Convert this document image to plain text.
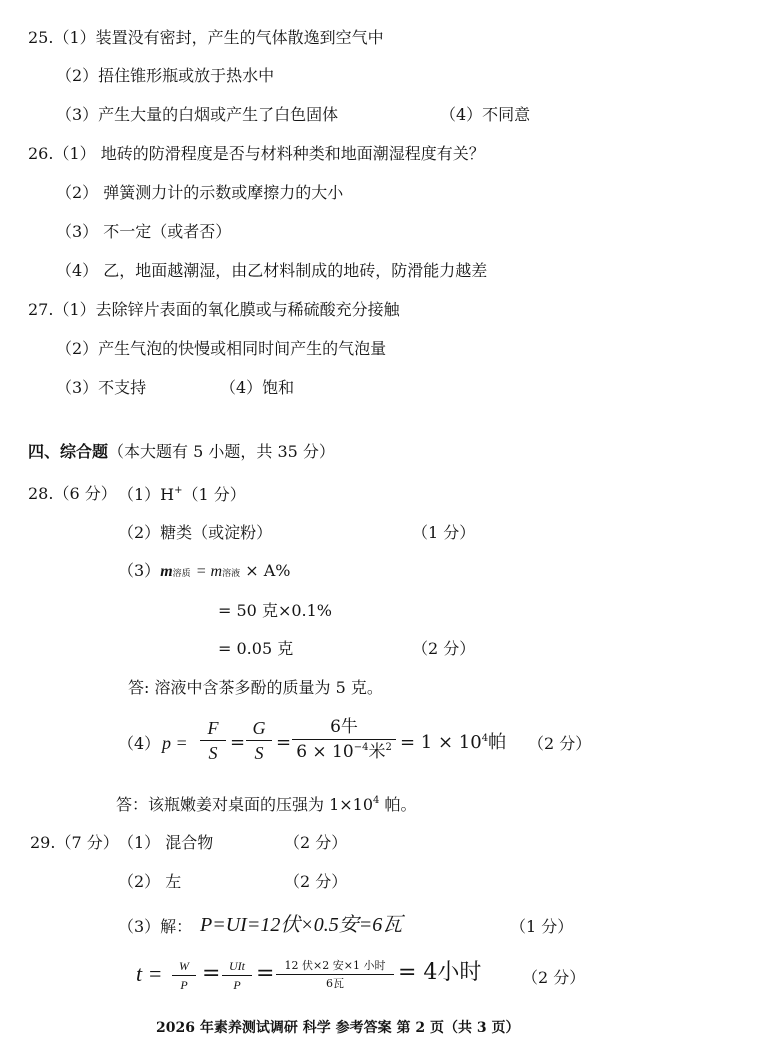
25.（1）装置没有密封，产生的气体散逸到空气中
（2）捂住锥形瓶或放于热水中
（3）产生大量的白烟或产生了白色固体	（4）不同意
26.（1） 地砖的防滑程度是否与材料种类和地面潮湿程度有关？
（2） 弹簧测力计的示数或摩擦力的大小
（3） 不一定（或者否）
（4） 乙，地面越潮湿，由乙材料制成的地砖，防滑能力越差
27.（1）去除锌片表面的氧化膜或与稀硫酸充分接触
（2）产生气泡的快慢或相同时间产生的气泡量
（3）不支持	（4）饱和
四、综合题（本大题有 5 小题，共 35 分）
28.（6 分） （1）H+（1 分）
（2）糖类（或淀粉）	（1 分）
（3）m溶质 = m溶液 × A%
= 50 克×0.1%
= 0.05 克	（2 分）
答: 溶液中含茶多酚的质量为 5 克。
（4） p =
F
S =
G
S =
6牛
$6 \times 10^{-4}$米$^2 = 1 \times 10^4$帕 （2 分）
答：该瓶嫩姜对桌面的压强为 $1\times 10^4$ 帕。
29.（7 分） （1） 混合物	（2 分）
（2） 左	（2 分）
（3）解： P=UI=12伏×0.5安=6瓦	（1 分）
t =	W
P = UIt
P = 12 伏×2 安×1 小时
6瓦	= 4小时	（2 分）
2026 年素养测试调研 科学 参考答案 第 2 页（共 3 页）
